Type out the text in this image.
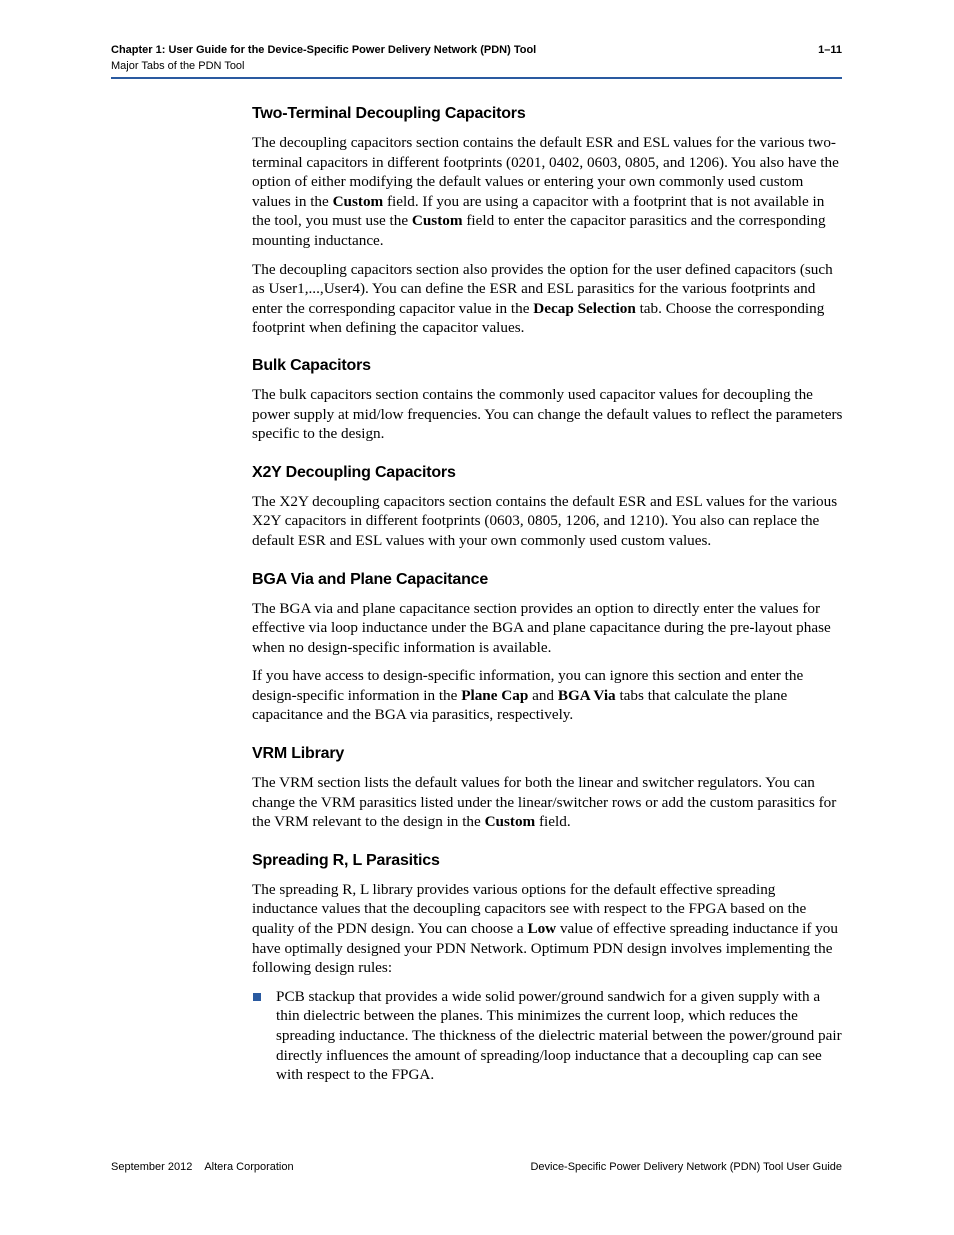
Chapter 1: User Guide for the Device-Specific Power Delivery Network (PDN) Tool	1–11
Major Tabs of the PDN Tool
Two-Terminal Decoupling Capacitors

The decoupling capacitors section contains the default ESR and ESL values for the various two-terminal capacitors in different footprints (0201, 0402, 0603, 0805, and 1206). You also have the option of either modifying the default values or entering your own commonly used custom values in the Custom field. If you are using a capacitor with a footprint that is not available in the tool, you must use the Custom field to enter the capacitor parasitics and the corresponding mounting inductance.

The decoupling capacitors section also provides the option for the user defined capacitors (such as User1,...,User4). You can define the ESR and ESL parasitics for the various footprints and enter the corresponding capacitor value in the Decap Selection tab. Choose the corresponding footprint when defining the capacitor values.

Bulk Capacitors

The bulk capacitors section contains the commonly used capacitor values for decoupling the power supply at mid/low frequencies. You can change the default values to reflect the parameters specific to the design.

X2Y Decoupling Capacitors

The X2Y decoupling capacitors section contains the default ESR and ESL values for the various X2Y capacitors in different footprints (0603, 0805, 1206, and 1210). You also can replace the default ESR and ESL values with your own commonly used custom values.

BGA Via and Plane Capacitance

The BGA via and plane capacitance section provides an option to directly enter the values for effective via loop inductance under the BGA and plane capacitance during the pre-layout phase when no design-specific information is available.

If you have access to design-specific information, you can ignore this section and enter the design-specific information in the Plane Cap and BGA Via tabs that calculate the plane capacitance and the BGA via parasitics, respectively.

VRM Library

The VRM section lists the default values for both the linear and switcher regulators. You can change the VRM parasitics listed under the linear/switcher rows or add the custom parasitics for the VRM relevant to the design in the Custom field.

Spreading R, L Parasitics

The spreading R, L library provides various options for the default effective spreading inductance values that the decoupling capacitors see with respect to the FPGA based on the quality of the PDN design. You can choose a Low value of effective spreading inductance if you have optimally designed your PDN Network. Optimum PDN design involves implementing the following design rules:

PCB stackup that provides a wide solid power/ground sandwich for a given supply with a thin dielectric between the planes. This minimizes the current loop, which reduces the spreading inductance. The thickness of the dielectric material between the power/ground pair directly influences the amount of spreading/loop inductance that a decoupling cap can see with respect to the FPGA.

September 2012 Altera Corporation	Device-Specific Power Delivery Network (PDN) Tool User Guide
